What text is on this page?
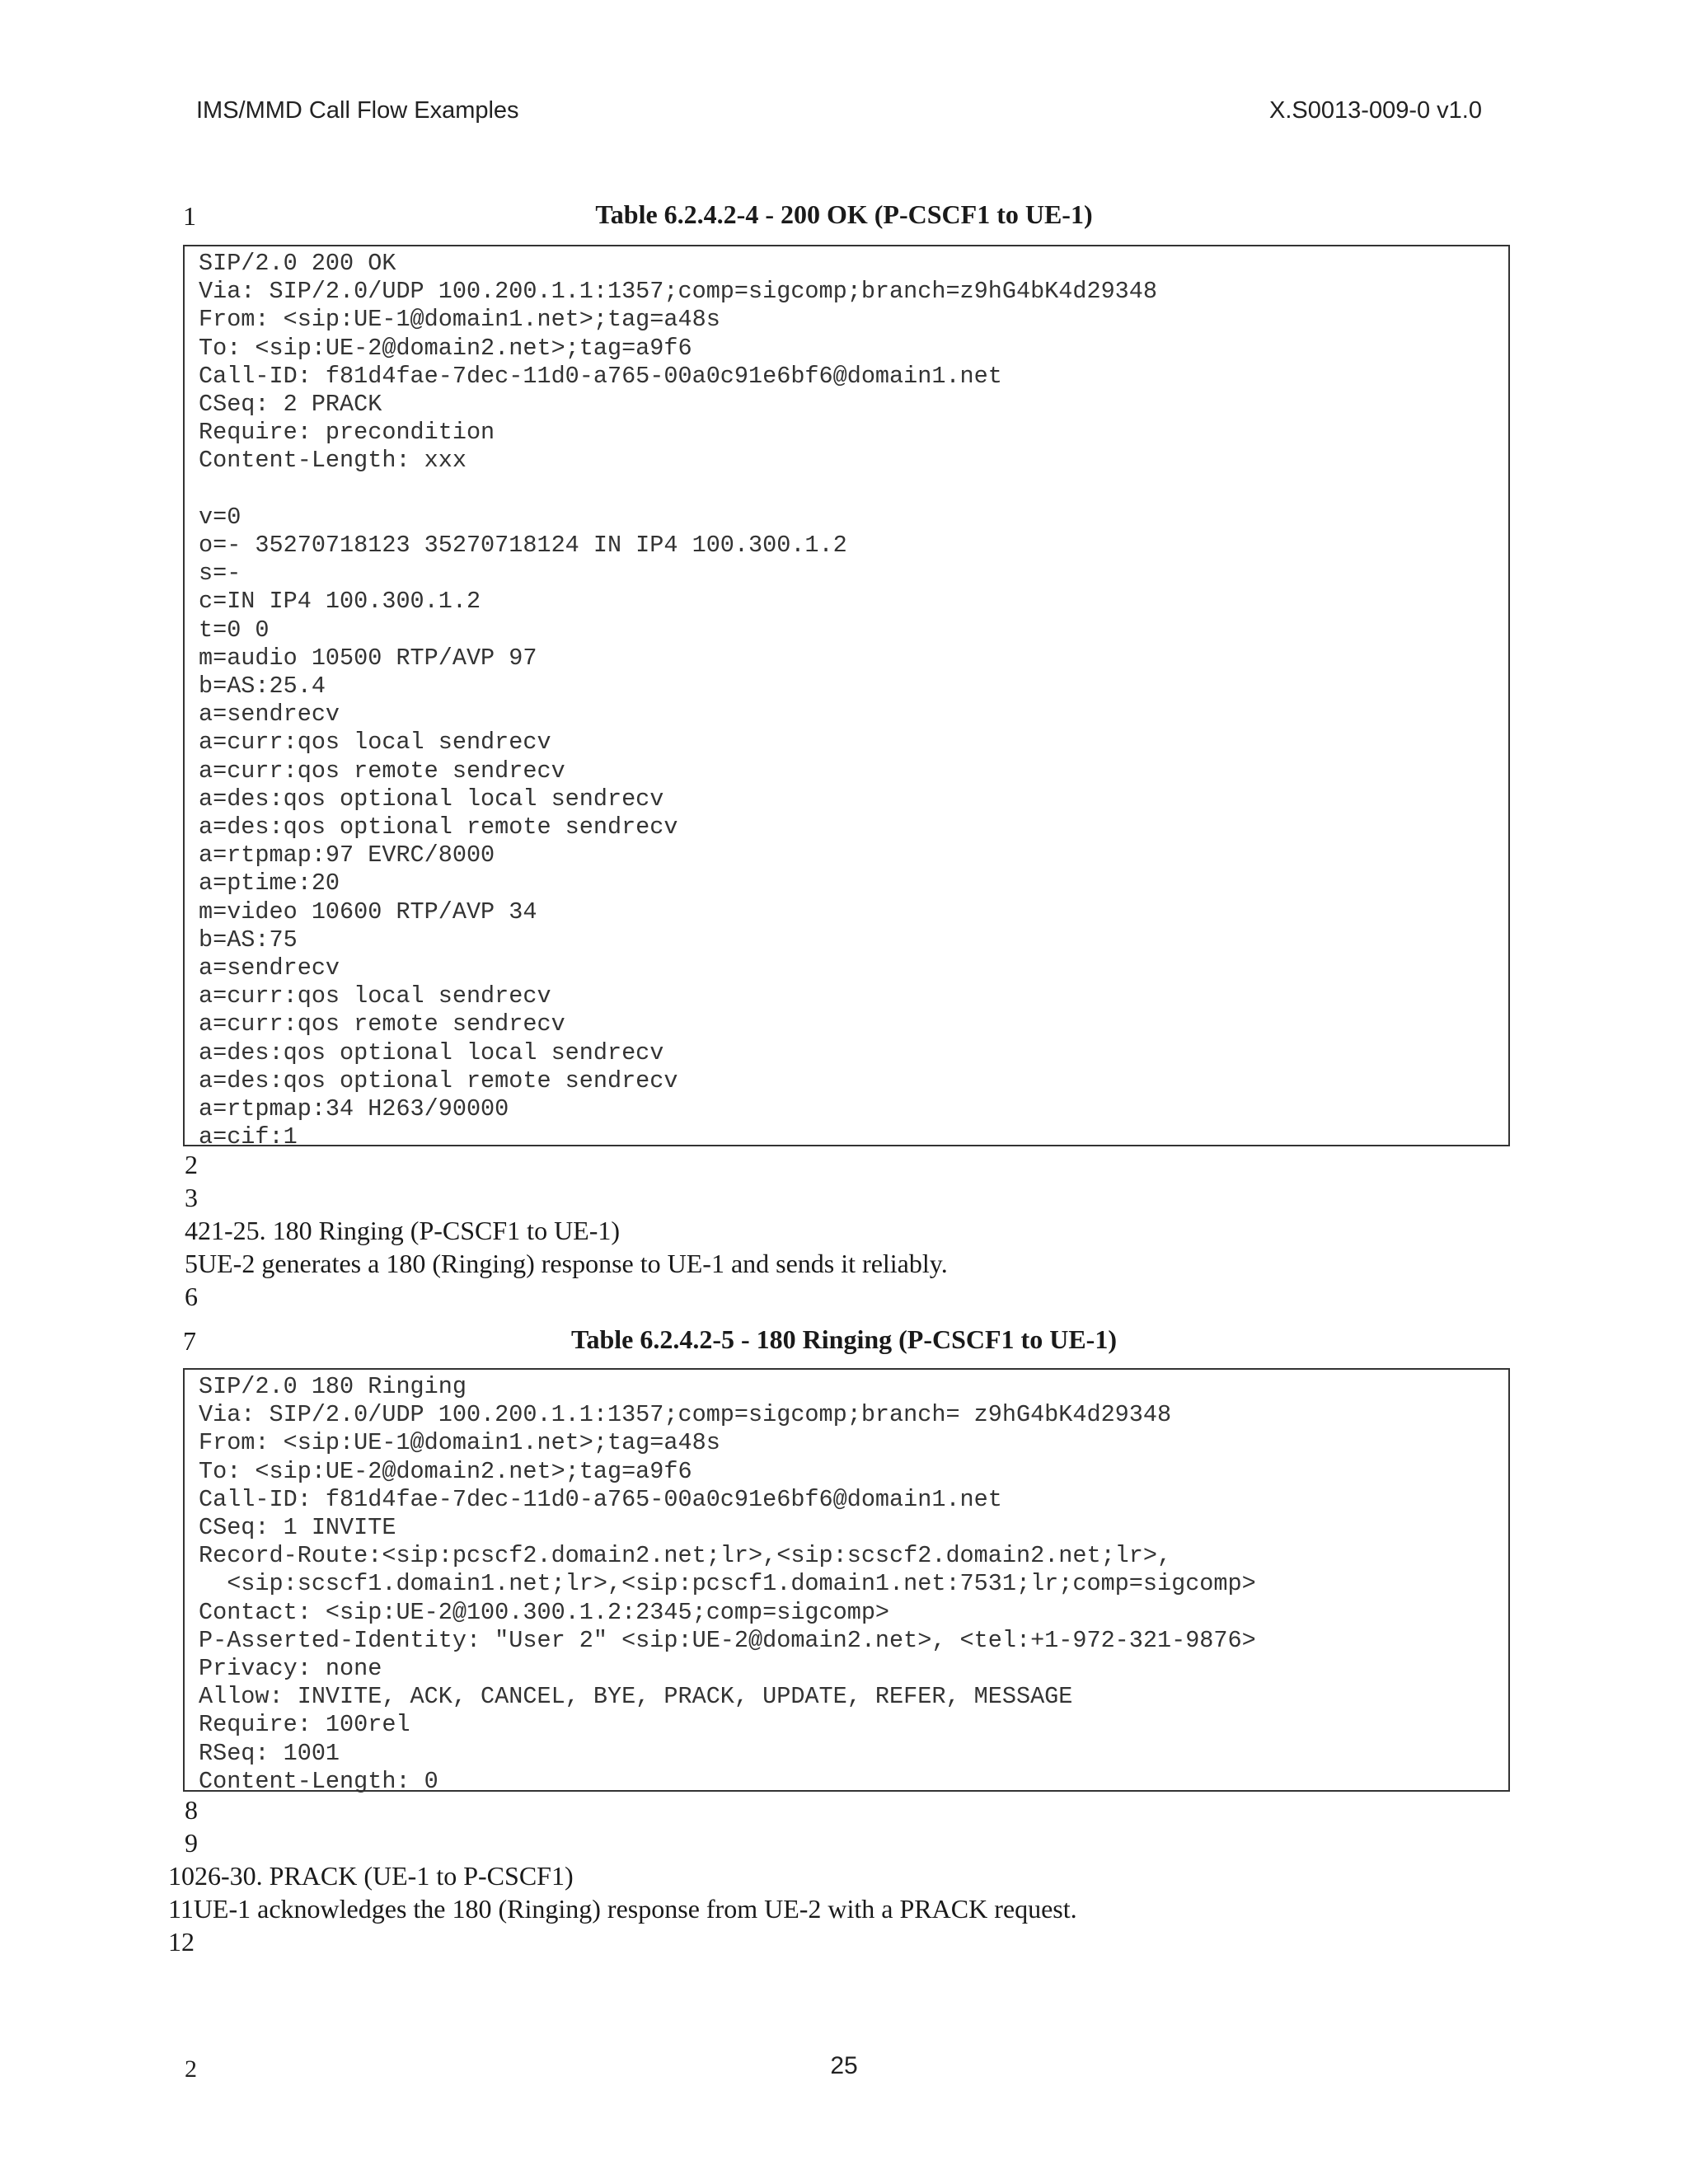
IMS/MMD Call Flow Examples	X.S0013-009-0 v1.0
1	Table 6.2.4.2-4 - 200 OK (P-CSCF1 to UE-1)
SIP/2.0 200 OK
Via: SIP/2.0/UDP 100.200.1.1:1357;comp=sigcomp;branch=z9hG4bK4d29348
From: <sip:UE-1@domain1.net>;tag=a48s
To: <sip:UE-2@domain2.net>;tag=a9f6
Call-ID: f81d4fae-7dec-11d0-a765-00a0c91e6bf6@domain1.net
CSeq: 2 PRACK
Require: precondition
Content-Length: xxx

v=0
o=- 35270718123 35270718124 IN IP4 100.300.1.2
s=-
c=IN IP4 100.300.1.2
t=0 0
m=audio 10500 RTP/AVP 97
b=AS:25.4
a=sendrecv
a=curr:qos local sendrecv
a=curr:qos remote sendrecv
a=des:qos optional local sendrecv
a=des:qos optional remote sendrecv
a=rtpmap:97 EVRC/8000
a=ptime:20
m=video 10600 RTP/AVP 34
b=AS:75
a=sendrecv
a=curr:qos local sendrecv
a=curr:qos remote sendrecv
a=des:qos optional local sendrecv
a=des:qos optional remote sendrecv
a=rtpmap:34 H263/90000
a=cif:1
2
3
421-25. 180 Ringing (P-CSCF1 to UE-1)
5UE-2 generates a 180 (Ringing) response to UE-1 and sends it reliably.
6
7	Table 6.2.4.2-5 - 180 Ringing (P-CSCF1 to UE-1)
SIP/2.0 180 Ringing
Via: SIP/2.0/UDP 100.200.1.1:1357;comp=sigcomp;branch= z9hG4bK4d29348
From: <sip:UE-1@domain1.net>;tag=a48s
To: <sip:UE-2@domain2.net>;tag=a9f6
Call-ID: f81d4fae-7dec-11d0-a765-00a0c91e6bf6@domain1.net
CSeq: 1 INVITE
Record-Route:<sip:pcscf2.domain2.net;lr>,<sip:scscf2.domain2.net;lr>,
<sip:scscf1.domain1.net;lr>,<sip:pcscf1.domain1.net:7531;lr;comp=sigcomp>
Contact: <sip:UE-2@100.300.1.2:2345;comp=sigcomp>
P-Asserted-Identity: "User 2" <sip:UE-2@domain2.net>, <tel:+1-972-321-9876>
Privacy: none
Allow: INVITE, ACK, CANCEL, BYE, PRACK, UPDATE, REFER, MESSAGE
Require: 100rel
RSeq: 1001
Content-Length: 0
8
9
1026-30. PRACK (UE-1 to P-CSCF1)
11UE-1 acknowledges the 180 (Ringing) response from UE-2 with a PRACK request.
12
2	25
